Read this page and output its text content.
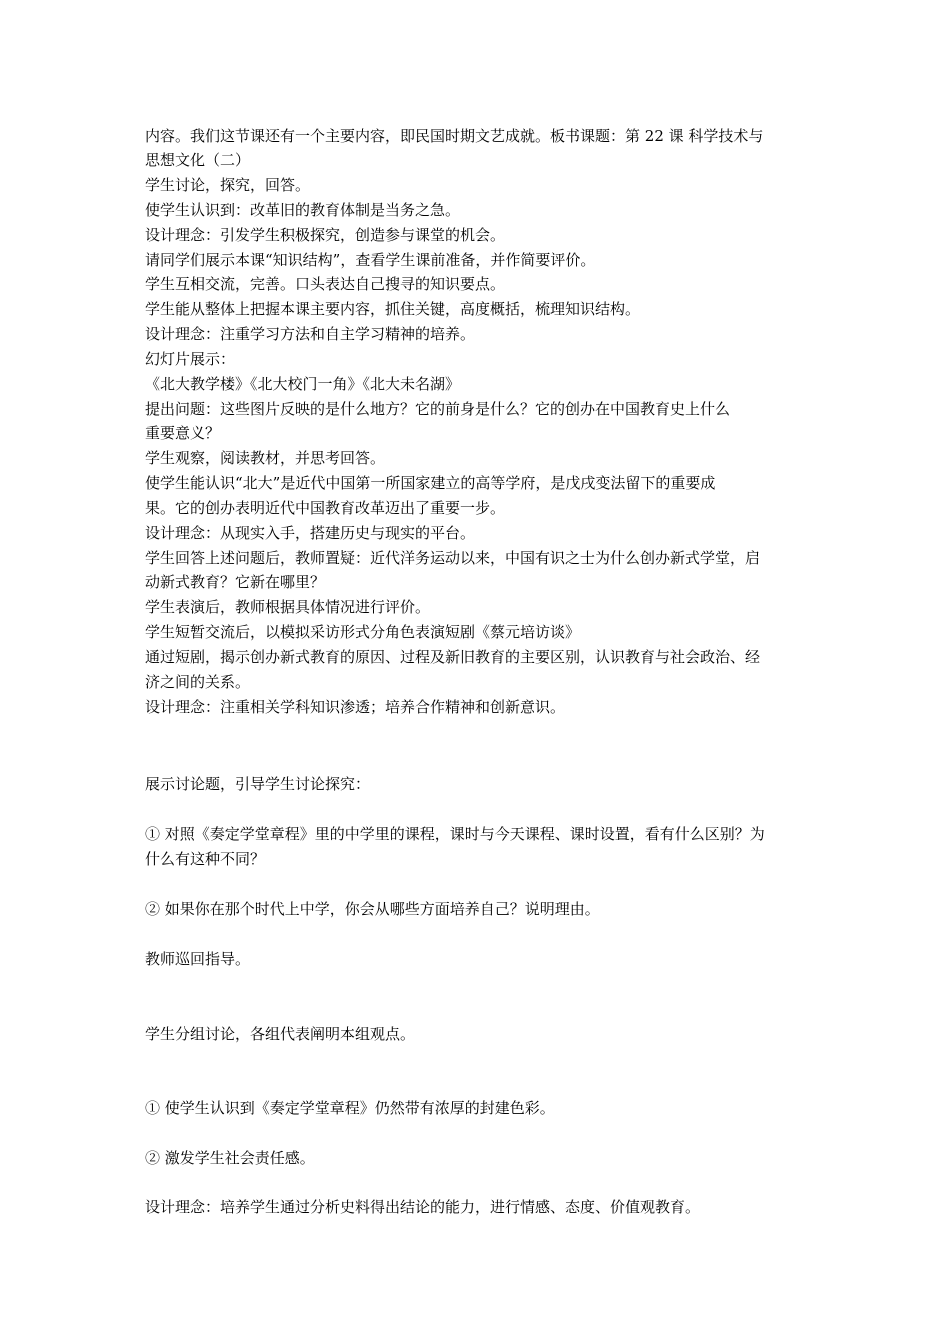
内容。我们这节课还有一个主要内容，即民国时期文艺成就。板书课题：第 22 课 科学技术与
思想文化（二）
学生讨论，探究，回答。
使学生认识到：改革旧的教育体制是当务之急。
设计理念：引发学生积极探究，创造参与课堂的机会。
请同学们展示本课“知识结构”，查看学生课前准备，并作简要评价。
学生互相交流，完善。口头表达自己搜寻的知识要点。
学生能从整体上把握本课主要内容，抓住关键，高度概括，梳理知识结构。
设计理念：注重学习方法和自主学习精神的培养。
幻灯片展示：
《北大教学楼》《北大校门一角》《北大未名湖》
提出问题：这些图片反映的是什么地方？它的前身是什么？它的创办在中国教育史上什么
重要意义？
学生观察，阅读教材，并思考回答。
使学生能认识“北大”是近代中国第一所国家建立的高等学府，是戊戌变法留下的重要成
果。它的创办表明近代中国教育改革迈出了重要一步。
设计理念：从现实入手，搭建历史与现实的平台。
学生回答上述问题后，教师置疑：近代洋务运动以来，中国有识之士为什么创办新式学堂，启
动新式教育？它新在哪里？
学生表演后，教师根据具体情况进行评价。
学生短暂交流后，以模拟采访形式分角色表演短剧《蔡元培访谈》
通过短剧，揭示创办新式教育的原因、过程及新旧教育的主要区别，认识教育与社会政治、经
济之间的关系。
设计理念：注重相关学科知识渗透；培养合作精神和创新意识。
展示讨论题，引导学生讨论探究：
① 对照《奏定学堂章程》里的中学里的课程，课时与今天课程、课时设置，看有什么区别？为
什么有这种不同？
② 如果你在那个时代上中学，你会从哪些方面培养自己？说明理由。
教师巡回指导。
学生分组讨论，各组代表阐明本组观点。
① 使学生认识到《奏定学堂章程》仍然带有浓厚的封建色彩。
② 激发学生社会责任感。
设计理念：培养学生通过分析史料得出结论的能力，进行情感、态度、价值观教育。
